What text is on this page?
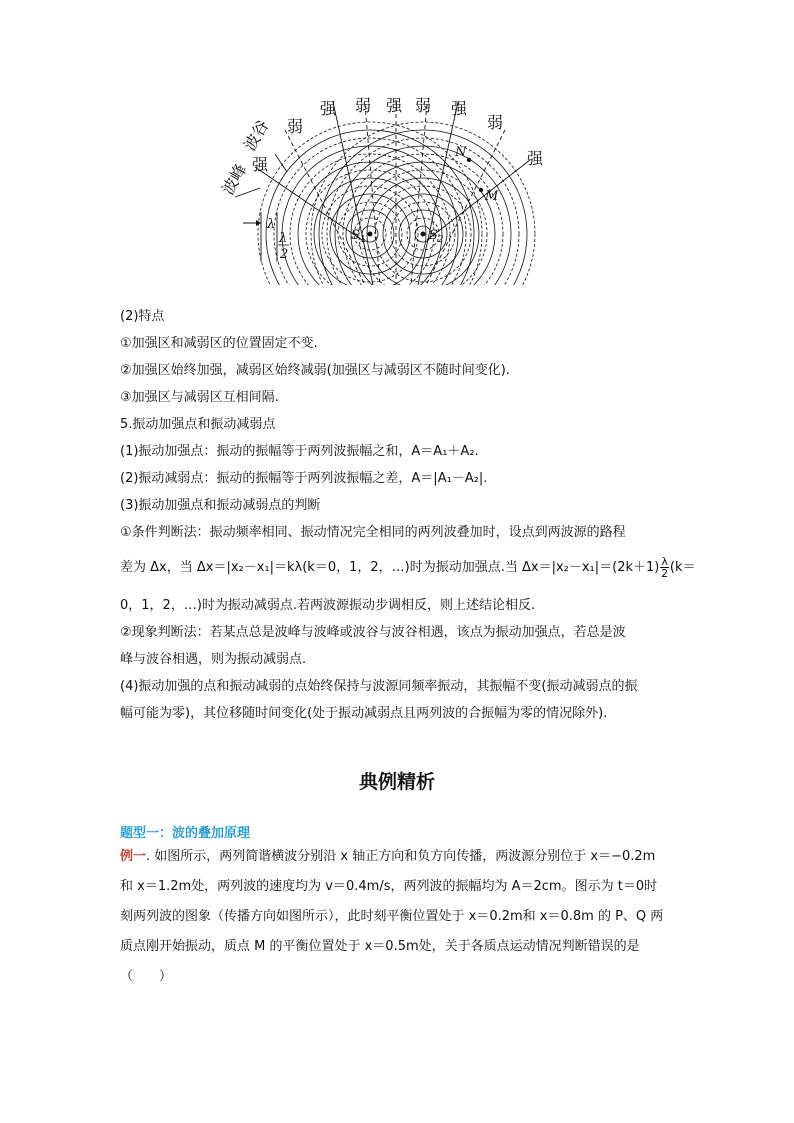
$S_1$	$S_2$
N
M
强 弱 强 弱 强
弱
强
波峰
波谷	弱
强
λ
λ
2
(2)特点
①加强区和减弱区的位置固定不变.
②加强区始终加强，减弱区始终减弱(加强区与减弱区不随时间变化).
③加强区与减弱区互相间隔.
5.振动加强点和振动减弱点
(1)振动加强点：振动的振幅等于两列波振幅之和，A＝A₁＋A₂.
(2)振动减弱点：振动的振幅等于两列波振幅之差，A＝|A₁－A₂|.
(3)振动加强点和振动减弱点的判断
①条件判断法：振动频率相同、振动情况完全相同的两列波叠加时，设点到两波源的路程
差为 Δx，当 Δx＝|x₂－x₁|＝kλ(k＝0，1，2，…)时为振动加强点.当 $\Delta x=|x_2-x_1|=(2k+1) \frac{\lambda}{2} (k=$
0，1，2，…)时为振动减弱点.若两波源振动步调相反，则上述结论相反.
②现象判断法：若某点总是波峰与波峰或波谷与波谷相遇，该点为振动加强点，若总是波
峰与波谷相遇，则为振动减弱点.
(4)振动加强的点和振动减弱的点始终保持与波源同频率振动，其振幅不变(振动减弱点的振
幅可能为零)，其位移随时间变化(处于振动减弱点且两列波的合振幅为零的情况除外).
典例精析
题型一：波的叠加原理
例一. 如图所示，两列简谐横波分别沿 x 轴正方向和负方向传播，两波源分别位于 x＝−0.2m
和 x＝1.2m处，两列波的速度均为 v＝0.4m/s，两列波的振幅均为 A＝2cm。图示为 t＝0时
刻两列波的图象（传播方向如图所示），此时刻平衡位置处于 x＝0.2m和 x＝0.8m 的 P、Q 两
质点刚开始振动，质点 M 的平衡位置处于 x＝0.5m处，关于各质点运动情况判断错误的是
（　　）
